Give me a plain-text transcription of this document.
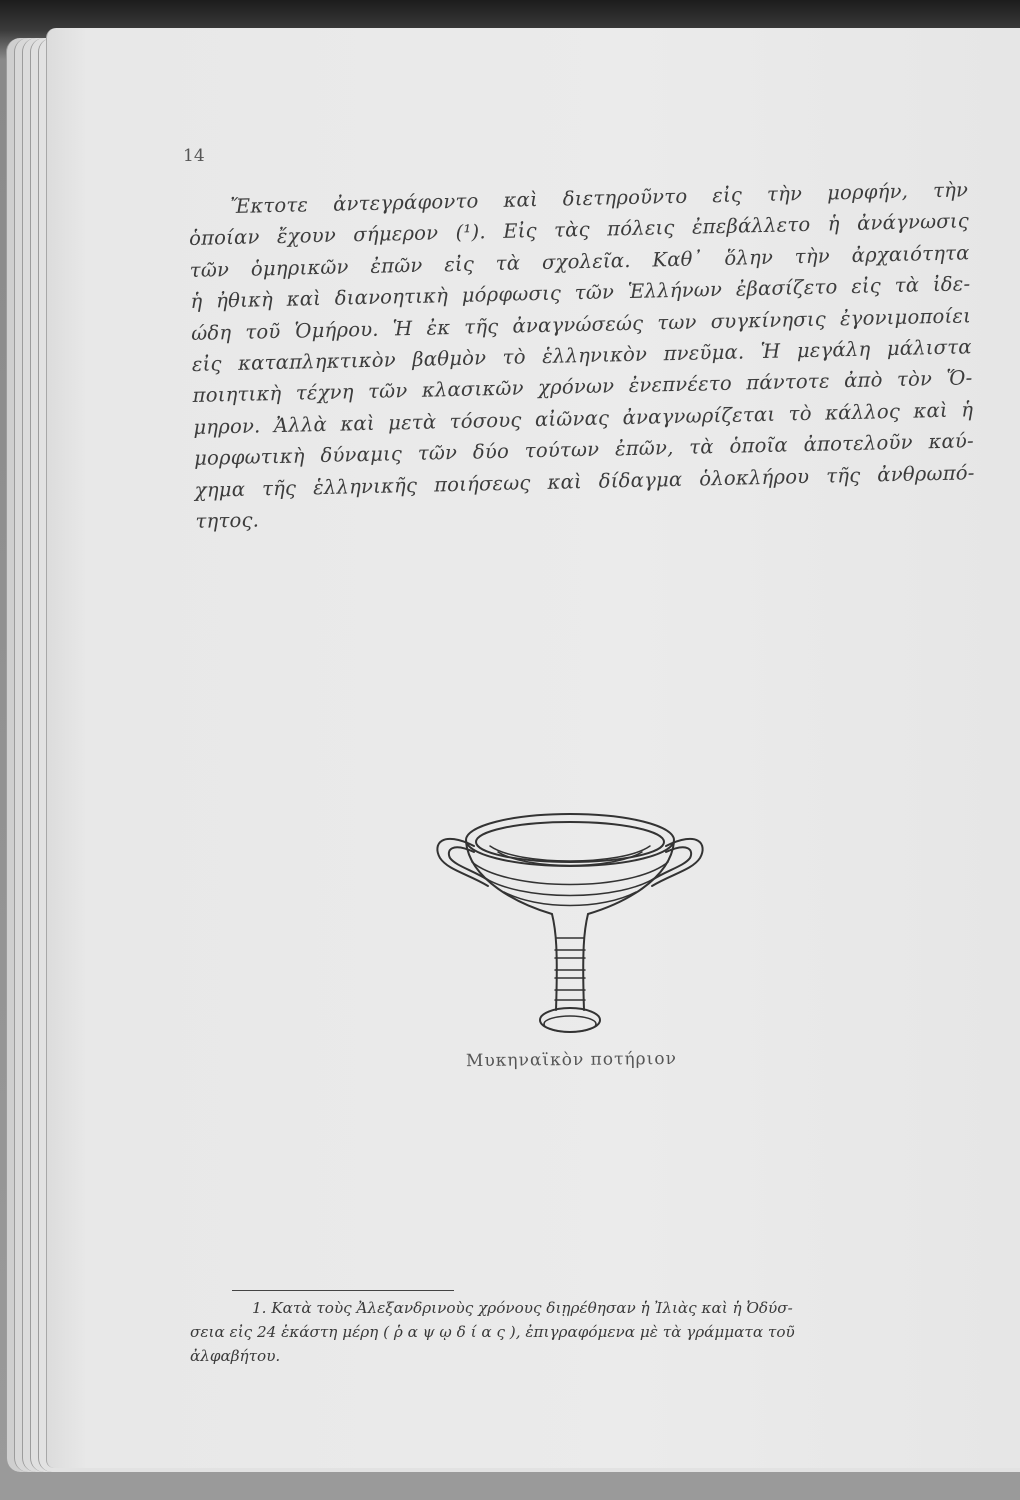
14
Ἔκτοτε ἀντεγράφοντο καὶ διετηροῦντο εἰς τὴν μορφήν, τὴν
ὁποίαν ἔχουν σήμερον (¹). Εἰς τὰς πόλεις ἐπεβάλλετο ἡ ἀνάγνωσις
τῶν ὁμηρικῶν ἐπῶν εἰς τὰ σχολεῖα. Καθ᾽ ὅλην τὴν ἀρχαιότητα
ἡ ἠθικὴ καὶ διανοητικὴ μόρφωσις τῶν Ἑλλήνων ἐβασίζετο εἰς τὰ ἰδε-
ώδη τοῦ Ὁμήρου. Ἡ ἐκ τῆς ἀναγνώσεώς των συγκίνησις ἐγονιμοποίει
εἰς καταπληκτικὸν βαθμὸν τὸ ἑλληνικὸν πνεῦμα. Ἡ μεγάλη μάλιστα
ποιητικὴ τέχνη τῶν κλασικῶν χρόνων ἐνεπνέετο πάντοτε ἀπὸ τὸν Ὅ-
μηρον. Ἀλλὰ καὶ μετὰ τόσους αἰῶνας ἀναγνωρίζεται τὸ κάλλος καὶ ἡ
μορφωτικὴ δύναμις τῶν δύο τούτων ἐπῶν, τὰ ὁποῖα ἀποτελοῦν καύ-
χημα τῆς ἑλληνικῆς ποιήσεως καὶ δίδαγμα ὁλοκλήρου τῆς ἀνθρωπό-
τητος.
Μυκηναϊκὸν ποτήριον
1. Κατὰ τοὺς Ἀλεξανδρινοὺς χρόνους διῃρέθησαν ἡ Ἰλιὰς καὶ ἡ Ὀδύσ-
σεια εἰς 24 ἑκάστη μέρη ( ῥ α ψ ῳ δ ί α ς ), ἐπιγραφόμενα μὲ τὰ γράμματα τοῦ
ἀλφαβήτου.
